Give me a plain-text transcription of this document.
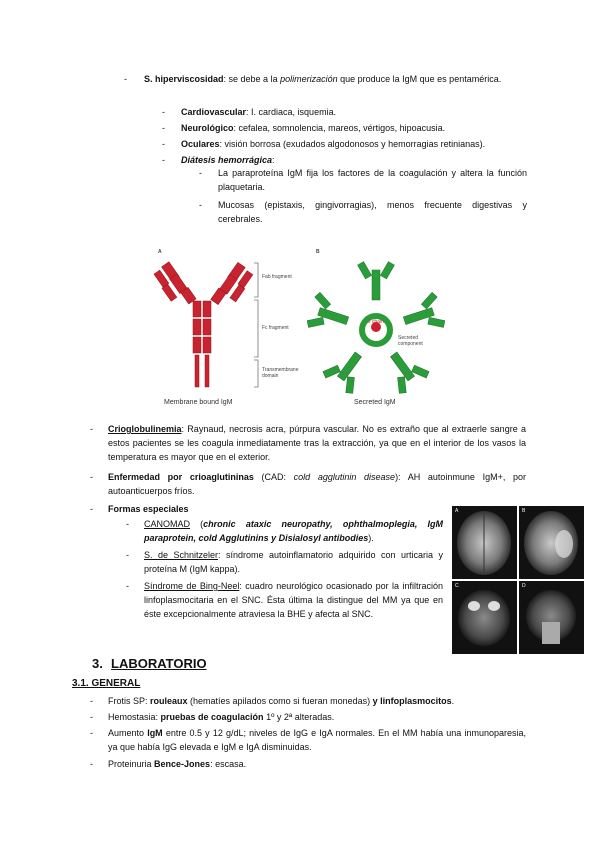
- S. hiperviscosidad: se debe a la polimerización que produce la IgM que es pentamérica.

- Cardiovascular: I. cardiaca, isquemia.

- Neurológico: cefalea, somnolencia, mareos, vértigos, hipoacusia.

- Oculares: visión borrosa (exudados algodonosos y hemorragias retinianas).

- Diátesis hemorrágica:

- La paraproteína IgM fija los factores de la coagulación y altera la función plaquetaria.

- Mucosas (epistaxis, gingivorragias), menos frecuente digestivas y cerebrales.

A	B
Fab fragment
Fc fragment
Transmembrane domain
J chain
Secreted component
Membrane bound IgM	Secreted IgM
- Crioglobulinemia: Raynaud, necrosis acra, púrpura vascular. No es extraño que al extraerle sangre a estos pacientes se les coagula inmediatamente tras la extracción, ya que en el interior de los vasos la temperatura es mayor que en el exterior.

- Enfermedad por crioaglutininas (CAD: cold agglutinin disease): AH autoinmune IgM+, por autoanticuerpos fríos.

- Formas especiales

- CANOMAD (chronic ataxic neuropathy, ophthalmoplegia, IgM paraprotein, cold Agglutinins y Disialosyl antibodies).

- S. de Schnitzeler: síndrome autoinflamatorio adquirido con urticaria y proteína M (IgM kappa).

- Síndrome de Bing-Neel: cuadro neurológico ocasionado por la infiltración linfoplasmocitaria en el SNC. Ésta última la distingue del MM ya que en éste excepcionalmente atraviesa la BHE y afecta al SNC.

A	B
C	D
3. LABORATORIO
3.1. GENERAL
- Frotis SP: rouleaux (hematíes apilados como si fueran monedas) y linfoplasmocitos.

- Hemostasia: pruebas de coagulación 1º y 2ª alteradas.

- Aumento IgM entre 0.5 y 12 g/dL; niveles de IgG e IgA normales. En el MM había una inmunoparesia, ya que había IgG elevada e IgM e IgA disminuidas.

- Proteinuria Bence-Jones: escasa.
